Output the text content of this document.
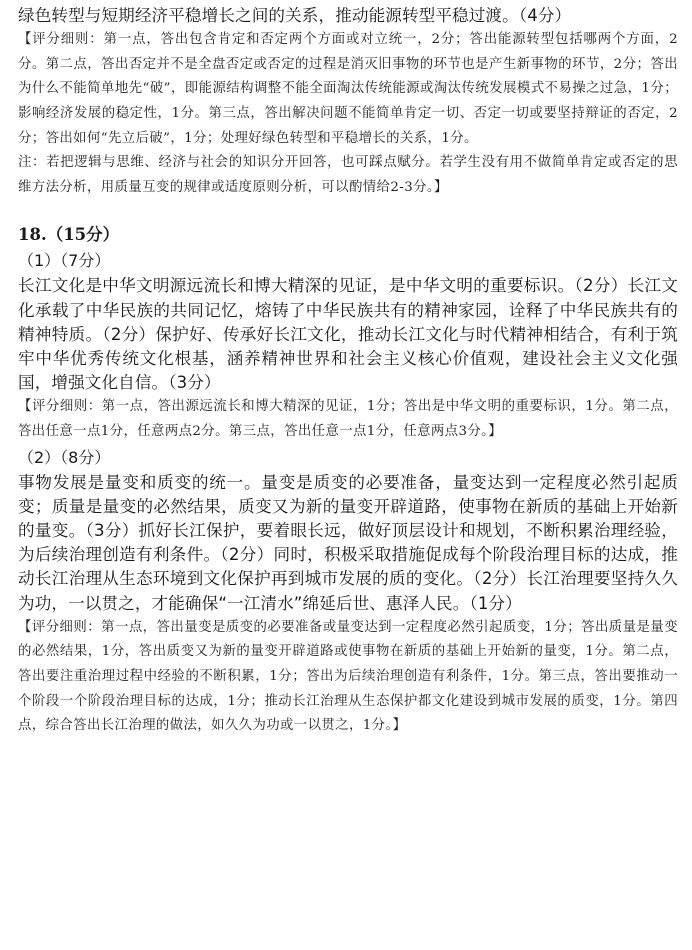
绿色转型与短期经济平稳增长之间的关系，推动能源转型平稳过渡。（4分）

【评分细则：第一点，答出包含肯定和否定两个方面或对立统一，2分；答出能源转型包括哪两个方面，2分。第二点，答出否定并不是全盘否定或否定的过程是消灭旧事物的环节也是产生新事物的环节，2分；答出为什么不能简单地先“破”，即能源结构调整不能全面淘汰传统能源或淘汰传统发展模式不易操之过急，1分；影响经济发展的稳定性，1分。第三点，答出解决问题不能简单肯定一切、否定一切或要坚持辩证的否定，2分；答出如何“先立后破”，1分；处理好绿色转型和平稳增长的关系，1分。

注：若把逻辑与思维、经济与社会的知识分开回答，也可踩点赋分。若学生没有用不做简单肯定或否定的思维方法分析，用质量互变的规律或适度原则分析，可以酌情给2-3分。】

18.（15分）

（1）（7分）

长江文化是中华文明源远流长和博大精深的见证，是中华文明的重要标识。（2分）长江文化承载了中华民族的共同记忆，熔铸了中华民族共有的精神家园，诠释了中华民族共有的精神特质。（2分）保护好、传承好长江文化，推动长江文化与时代精神相结合，有利于筑牢中华优秀传统文化根基，涵养精神世界和社会主义核心价值观，建设社会主义文化强国，增强文化自信。（3分）

【评分细则：第一点，答出源远流长和博大精深的见证，1分；答出是中华文明的重要标识，1分。第二点，答出任意一点1分，任意两点2分。第三点，答出任意一点1分，任意两点3分。】

（2）（8分）

事物发展是量变和质变的统一。量变是质变的必要准备，量变达到一定程度必然引起质变；质量是量变的必然结果，质变又为新的量变开辟道路，使事物在新质的基础上开始新的量变。（3分）抓好长江保护，要着眼长远，做好顶层设计和规划，不断积累治理经验，为后续治理创造有利条件。（2分）同时，积极采取措施促成每个阶段治理目标的达成，推动长江治理从生态环境到文化保护再到城市发展的质的变化。（2分）长江治理要坚持久久为功，一以贯之，才能确保“一江清水”绵延后世、惠泽人民。（1分）

【评分细则：第一点，答出量变是质变的必要准备或量变达到一定程度必然引起质变，1分；答出质量是量变的必然结果，1分，答出质变又为新的量变开辟道路或使事物在新质的基础上开始新的量变，1分。第二点，答出要注重治理过程中经验的不断积累，1分；答出为后续治理创造有利条件，1分。第三点，答出要推动一个阶段一个阶段治理目标的达成，1分；推动长江治理从生态保护都文化建设到城市发展的质变，1分。第四点，综合答出长江治理的做法，如久久为功或一以贯之，1分。】
